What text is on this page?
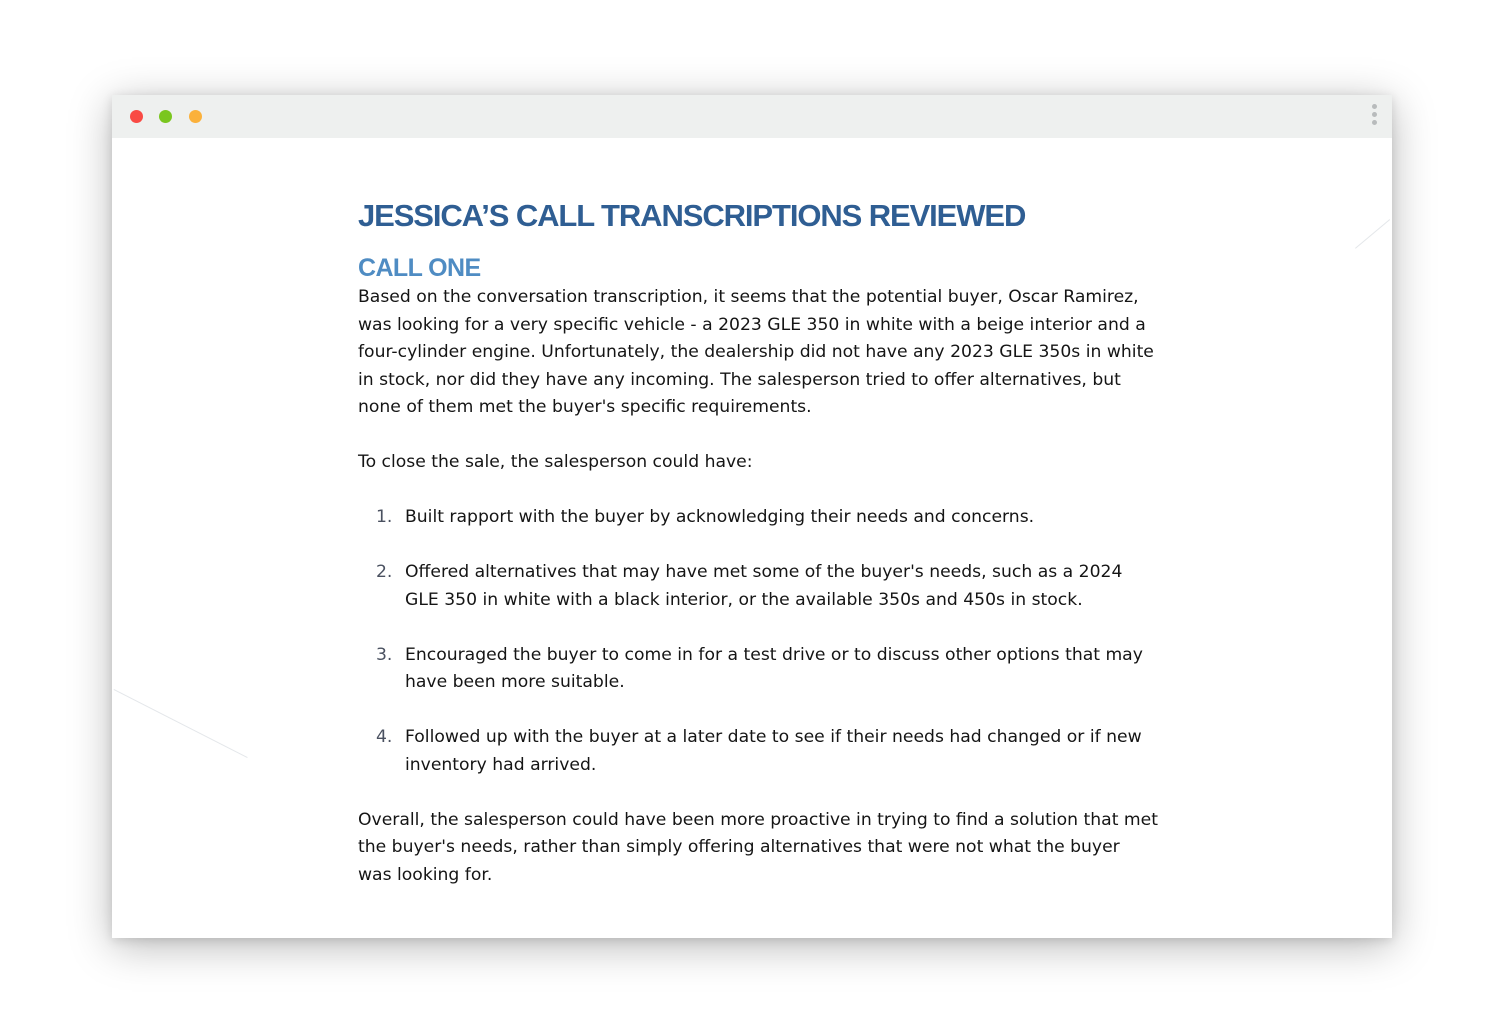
JESSICA’S CALL TRANSCRIPTIONS REVIEWED
CALL ONE

Based on the conversation transcription, it seems that the potential buyer, Oscar Ramirez, was looking for a very specific vehicle - a 2023 GLE 350 in white with a beige interior and a four-cylinder engine. Unfortunately, the dealership did not have any 2023 GLE 350s in white in stock, nor did they have any incoming. The salesperson tried to offer alternatives, but none of them met the buyer's specific requirements.

To close the sale, the salesperson could have:

1. Built rapport with the buyer by acknowledging their needs and concerns.
2. Offered alternatives that may have met some of the buyer's needs, such as a 2024 GLE 350 in white with a black interior, or the available 350s and 450s in stock.
3. Encouraged the buyer to come in for a test drive or to discuss other options that may have been more suitable.
4. Followed up with the buyer at a later date to see if their needs had changed or if new inventory had arrived.

Overall, the salesperson could have been more proactive in trying to find a solution that met the buyer's needs, rather than simply offering alternatives that were not what the buyer was looking for.
